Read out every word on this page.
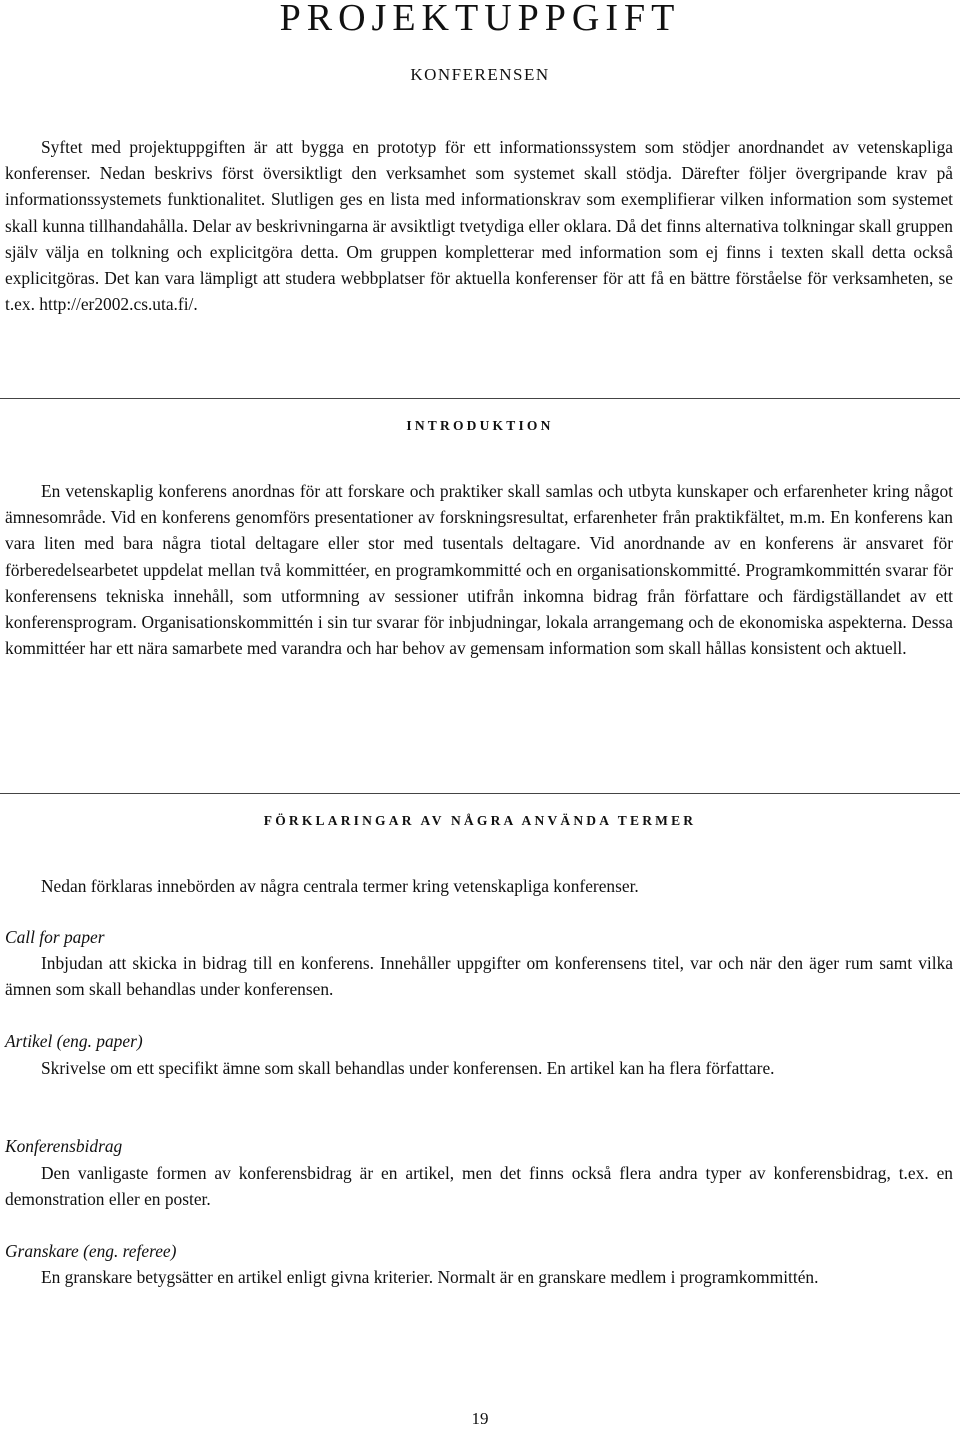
PROJEKTUPPGIFT
KONFERENSEN

Syftet med projektuppgiften är att bygga en prototyp för ett informationssystem som stödjer anordnandet av vetenskapliga konferenser. Nedan beskrivs först översiktligt den verksamhet som systemet skall stödja. Därefter följer övergripande krav på informationssystemets funktionalitet. Slutligen ges en lista med informationskrav som exemplifierar vilken information som systemet skall kunna tillhandahålla. Delar av beskrivningarna är avsiktligt tvetydiga eller oklara. Då det finns alternativa tolkningar skall gruppen själv välja en tolkning och explicitgöra detta. Om gruppen kompletterar med information som ej finns i texten skall detta också explicitgöras. Det kan vara lämpligt att studera webbplatser för aktuella konferenser för att få en bättre förståelse för verksamheten, se t.ex. http://er2002.cs.uta.fi/.

INTRODUKTION

En vetenskaplig konferens anordnas för att forskare och praktiker skall samlas och utbyta kunskaper och erfarenheter kring något ämnesområde. Vid en konferens genomförs presentationer av forskningsresultat, erfarenheter från praktikfältet, m.m. En konferens kan vara liten med bara några tiotal deltagare eller stor med tusentals deltagare. Vid anordnande av en konferens är ansvaret för förberedelsearbetet uppdelat mellan två kommittéer, en programkommitté och en organisationskommitté. Programkommittén svarar för konferensens tekniska innehåll, som utformning av sessioner utifrån inkomna bidrag från författare och färdigställandet av ett konferensprogram. Organisationskommittén i sin tur svarar för inbjudningar, lokala arrangemang och de ekonomiska aspekterna. Dessa kommittéer har ett nära samarbete med varandra och har behov av gemensam information som skall hållas konsistent och aktuell.

FÖRKLARINGAR AV NÅGRA ANVÄNDA TERMER

Nedan förklaras innebörden av några centrala termer kring vetenskapliga konferenser.

Call for paper

Inbjudan att skicka in bidrag till en konferens. Innehåller uppgifter om konferensens titel, var och när den äger rum samt vilka ämnen som skall behandlas under konferensen.

Artikel (eng. paper)

Skrivelse om ett specifikt ämne som skall behandlas under konferensen. En artikel kan ha flera författare.

Konferensbidrag

Den vanligaste formen av konferensbidrag är en artikel, men det finns också flera andra typer av konferensbidrag, t.ex. en demonstration eller en poster.

Granskare (eng. referee)

En granskare betygsätter en artikel enligt givna kriterier. Normalt är en granskare medlem i programkommittén.

19
